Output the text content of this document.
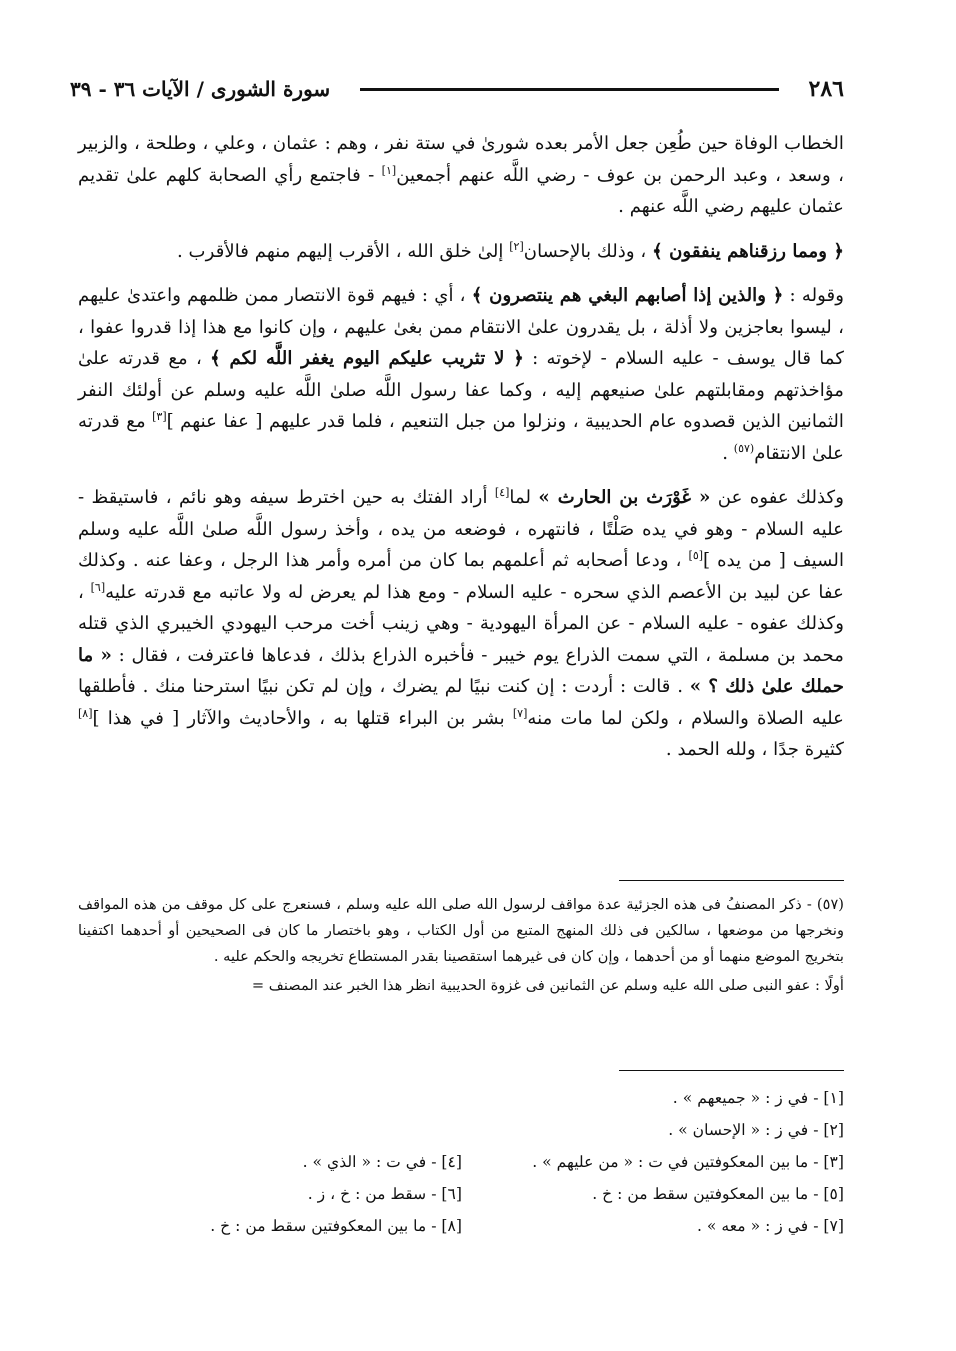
٢٨٦
سورة الشورى / الآيات ٣٦ - ٣٩

الخطاب الوفاة حين طُعِن جعل الأمر بعده شورىٰ في ستة نفر ، وهم : عثمان ، وعلي ، وطلحة ، والزبير ، وسعد ، وعبد الرحمن بن عوف - رضي اللَّه عنهم أجمعين[١] - فاجتمع رأي الصحابة كلهم علىٰ تقديم عثمان عليهم رضي اللَّه عنهم .

﴿ ومما رزقناهم ينفقون ﴾ ، وذلك بالإحسان[٢] إلىٰ خلق الله ، الأقرب إليهم منهم فالأقرب .

وقوله : ﴿ والذين إذا أصابهم البغي هم ينتصرون ﴾ ، أي : فيهم قوة الانتصار ممن ظلمهم واعتدىٰ عليهم ، ليسوا بعاجزين ولا أذلة ، بل يقدرون علىٰ الانتقام ممن بغىٰ عليهم ، وإن كانوا مع هذا إذا قدروا عفوا ، كما قال يوسف - عليه السلام - لإخوته : ﴿ لا تثريب عليكم اليوم يغفر اللَّه لكم ﴾ ، مع قدرته علىٰ مؤاخذتهم ومقابلتهم علىٰ صنيعهم إليه ، وكما عفا رسول اللَّه صلىٰ اللَّه عليه وسلم عن أولئك النفر الثمانين الذين قصدوه عام الحديبية ، ونزلوا من جبل التنعيم ، فلما قدر عليهم [ عفا عنهم ][٣] مع قدرته علىٰ الانتقام$^{(٥٧)}$ .

وكذلك عفوه عن « غَوْرَث بن الحارث » لما[٤] أراد الفتك به حين اخترط سيفه وهو نائم ، فاستيقظ - عليه السلام - وهو في يده صَلْتًا ، فانتهره ، فوضعه من يده ، وأخذ رسول اللَّه صلىٰ اللَّه عليه وسلم السيف [ من يده ][٥] ، ودعا أصحابه ثم أعلمهم بما كان من أمره وأمر هذا الرجل ، وعفا عنه . وكذلك عفا عن لبيد بن الأعصم الذي سحره - عليه السلام - ومع هذا لم يعرض له ولا عاتبه مع قدرته عليه[٦] ، وكذلك عفوه - عليه السلام - عن المرأة اليهودية - وهي زينب أخت مرحب اليهودي الخيبري الذي قتله محمد بن مسلمة ، التي سمت الذراع يوم خيبر - فأخبره الذراع بذلك ، فدعاها فاعترفت ، فقال : « ما حملك علىٰ ذلك ؟ » . قالت : أردت : إن كنت نبيًا لم يضرك ، وإن لم تكن نبيًا استرحنا منك . فأطلقها عليه الصلاة والسلام ، ولكن لما مات منه[٧] بشر بن البراء قتلها به ، والأحاديث والآثار [ في هذا ][٨] كثيرة جدًا ، ولله الحمد .

(٥٧) - ذكر المصنفُ فى هذه الجزئية عدة مواقف لرسول الله صلى الله عليه وسلم ، فسنعرج على كل موقف من هذه المواقف ونخرجها من موضعها ، سالكين فى ذلك المنهج المتبع من أول الكتاب ، وهو باختصار ما كان فى الصحيحين أو أحدهما اكتفينا بتخريج الموضع منهما أو من أحدهما ، وإن كان فى غيرهما استقصينا بقدر المستطاع تخريجه والحكم عليه .

أولًا : عفو النبى صلى الله عليه وسلم عن الثمانين فى غزوة الحديبية انظر هذا الخبر عند المصنف =

[١] - في ز : « جميعهم » .
[٢] - في ز : « الإحسان » .
[٣] - ما بين المعكوفتين في ت : « من عليهم » .
[٤] - في ت : « الذي » .
[٥] - ما بين المعكوفتين سقط من : خ .
[٦] - سقط من : خ ، ز .
[٧] - في ز : « معه » .
[٨] - ما بين المعكوفتين سقط من : خ .
